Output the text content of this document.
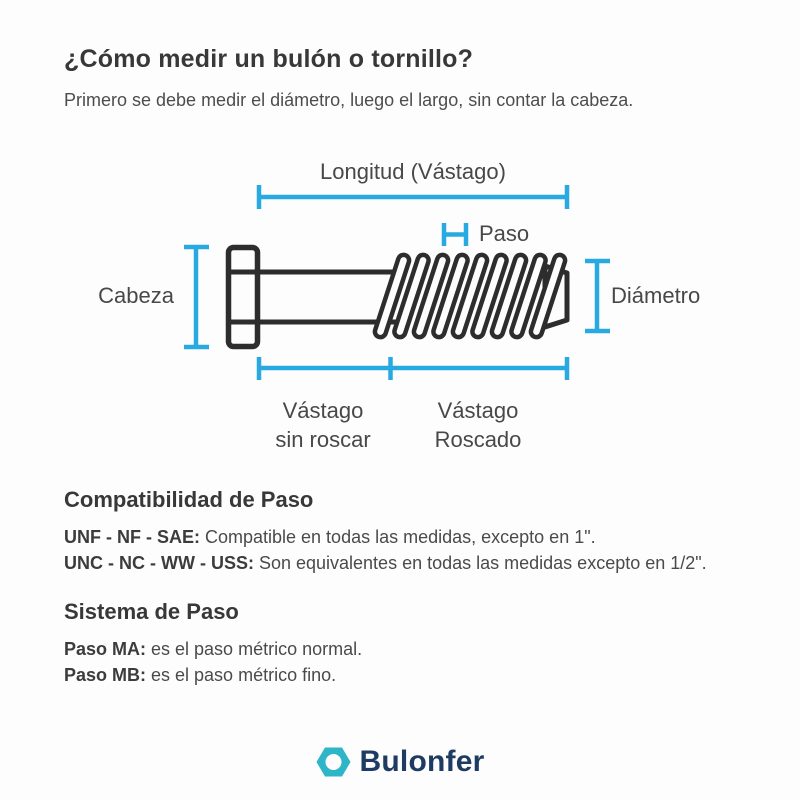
¿Cómo medir un bulón o tornillo?

Primero se debe medir el diámetro, luego el largo, sin contar la cabeza.

Longitud (Vástago)
Paso
Cabeza	Diámetro
Vástago
sin roscar
Vástago
Roscado
Compatibilidad de Paso

UNF - NF - SAE: Compatible en todas las medidas, excepto en 1".

UNC - NC - WW - USS: Son equivalentes en todas las medidas excepto en 1/2".

Sistema de Paso

Paso MA: es el paso métrico normal.

Paso MB: es el paso métrico fino.

Bulonfer
